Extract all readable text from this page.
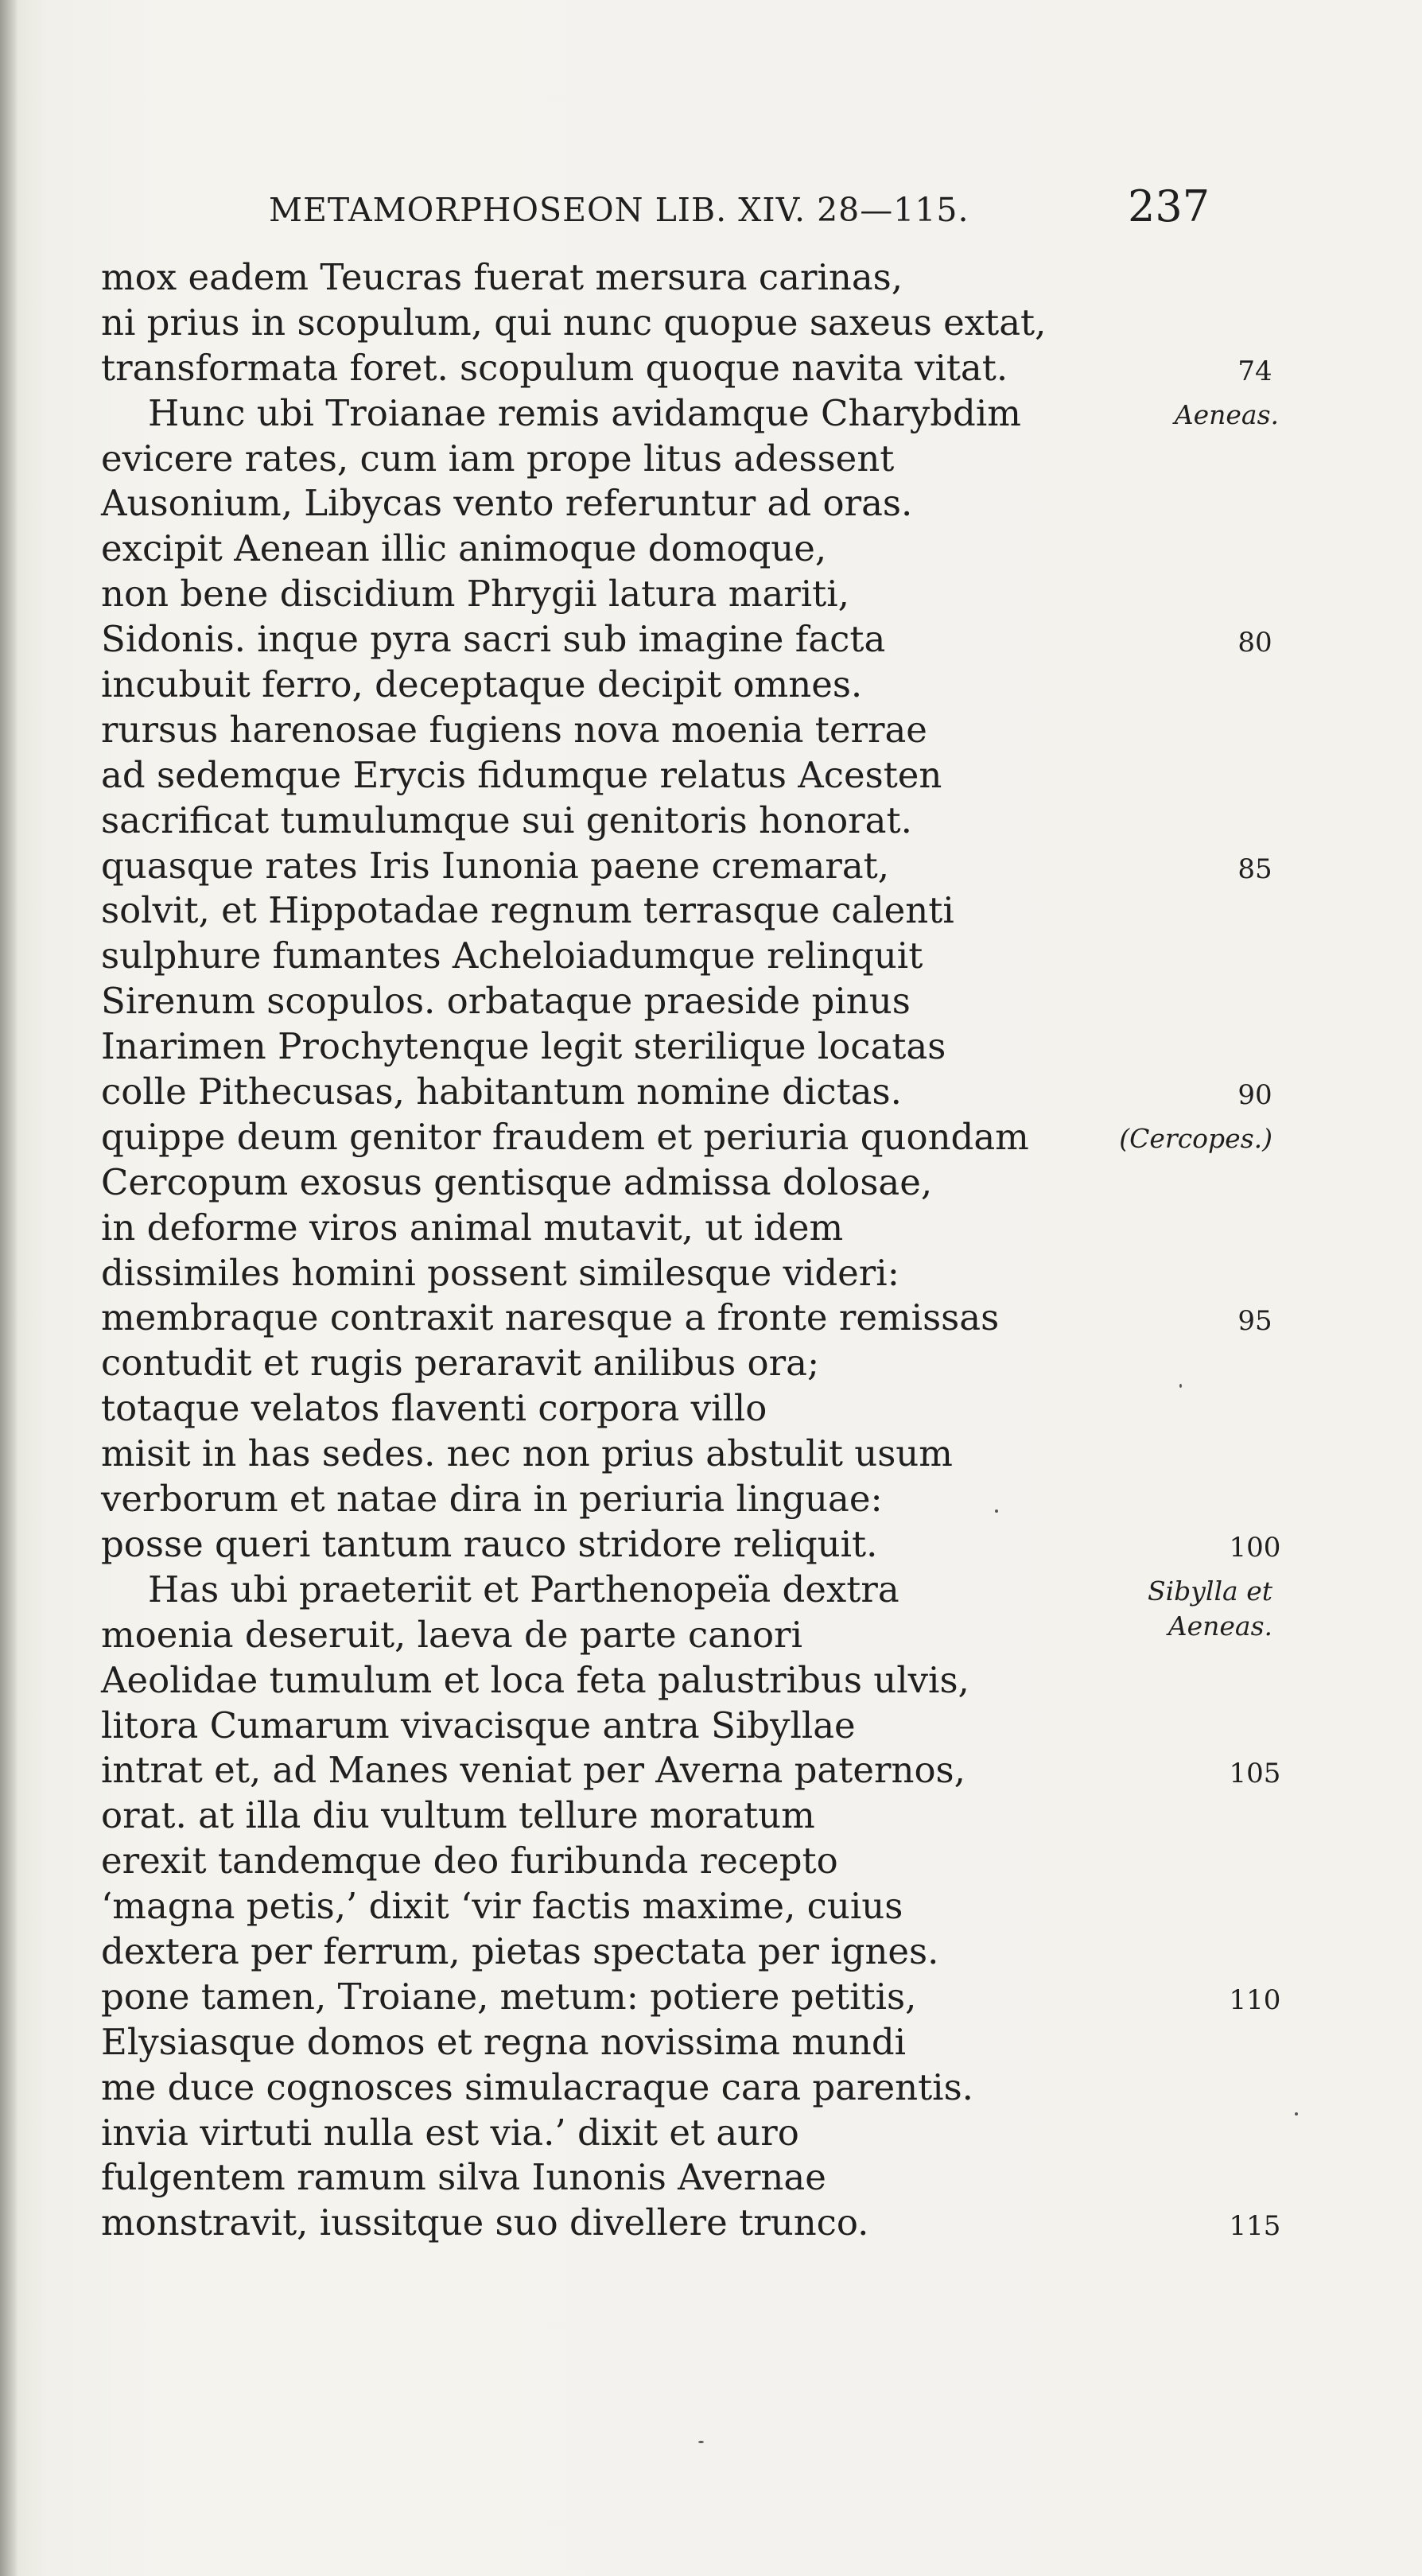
METAMORPHOSEON LIB. XIV. 28—115.	237
mox eadem Teucras fuerat mersura carinas,
ni prius in scopulum, qui nunc quopue saxeus extat,
transformata foret. scopulum quoque navita vitat.	74
Hunc ubi Troianae remis avidamque Charybdim	Aeneas.
evicere rates, cum iam prope litus adessent
Ausonium, Libycas vento referuntur ad oras.
excipit Aenean illic animoque domoque,
non bene discidium Phrygii latura mariti,
Sidonis. inque pyra sacri sub imagine facta	80
incubuit ferro, deceptaque decipit omnes.
rursus harenosae fugiens nova moenia terrae
ad sedemque Erycis fidumque relatus Acesten
sacrificat tumulumque sui genitoris honorat.
quasque rates Iris Iunonia paene cremarat,	85
solvit, et Hippotadae regnum terrasque calenti
sulphure fumantes Acheloiadumque relinquit
Sirenum scopulos. orbataque praeside pinus
Inarimen Prochytenque legit sterilique locatas
colle Pithecusas, habitantum nomine dictas.	90
quippe deum genitor fraudem et periuria quondam	(Cercopes.)
Cercopum exosus gentisque admissa dolosae,
in deforme viros animal mutavit, ut idem
dissimiles homini possent similesque videri:
membraque contraxit naresque a fronte remissas	95
contudit et rugis peraravit anilibus ora;
totaque velatos flaventi corpora villo
misit in has sedes. nec non prius abstulit usum
verborum et natae dira in periuria linguae:
posse queri tantum rauco stridore reliquit.	100
Has ubi praeteriit et Parthenopeïa dextra	Sibylla et
Aeneas.
moenia deseruit, laeva de parte canori
Aeolidae tumulum et loca feta palustribus ulvis,
litora Cumarum vivacisque antra Sibyllae
intrat et, ad Manes veniat per Averna paternos,	105
orat. at illa diu vultum tellure moratum
erexit tandemque deo furibunda recepto
‘magna petis,’ dixit ‘vir factis maxime, cuius
dextera per ferrum, pietas spectata per ignes.
pone tamen, Troiane, metum: potiere petitis,	110
Elysiasque domos et regna novissima mundi
me duce cognosces simulacraque cara parentis.
invia virtuti nulla est via.’ dixit et auro
fulgentem ramum silva Iunonis Avernae
monstravit, iussitque suo divellere trunco.	115
